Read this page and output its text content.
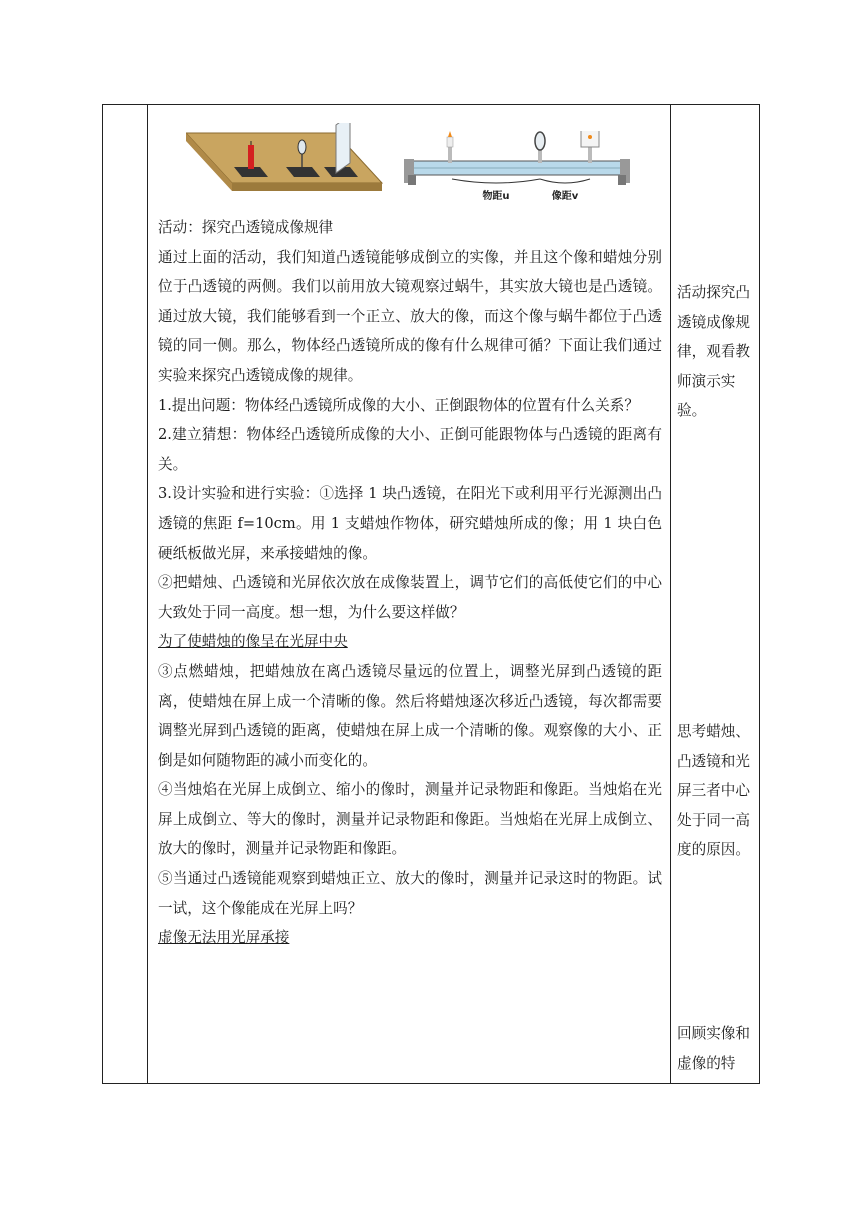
物距u	像距v

活动：探究凸透镜成像规律

通过上面的活动，我们知道凸透镜能够成倒立的实像，并且这个像和蜡烛分别位于凸透镜的两侧。我们以前用放大镜观察过蜗牛，其实放大镜也是凸透镜。通过放大镜，我们能够看到一个正立、放大的像，而这个像与蜗牛都位于凸透镜的同一侧。那么，物体经凸透镜所成的像有什么规律可循？下面让我们通过实验来探究凸透镜成像的规律。

1.提出问题：物体经凸透镜所成像的大小、正倒跟物体的位置有什么关系？

2.建立猜想：物体经凸透镜所成像的大小、正倒可能跟物体与凸透镜的距离有关。

3.设计实验和进行实验：①选择 1 块凸透镜，在阳光下或利用平行光源测出凸透镜的焦距 f=10cm。用 1 支蜡烛作物体，研究蜡烛所成的像；用 1 块白色硬纸板做光屏，来承接蜡烛的像。

②把蜡烛、凸透镜和光屏依次放在成像装置上，调节它们的高低使它们的中心大致处于同一高度。想一想，为什么要这样做？

为了使蜡烛的像呈在光屏中央

③点燃蜡烛，把蜡烛放在离凸透镜尽量远的位置上，调整光屏到凸透镜的距离，使蜡烛在屏上成一个清晰的像。然后将蜡烛逐次移近凸透镜，每次都需要调整光屏到凸透镜的距离，使蜡烛在屏上成一个清晰的像。观察像的大小、正倒是如何随物距的减小而变化的。

④当烛焰在光屏上成倒立、缩小的像时，测量并记录物距和像距。当烛焰在光屏上成倒立、等大的像时，测量并记录物距和像距。当烛焰在光屏上成倒立、放大的像时，测量并记录物距和像距。

⑤当通过凸透镜能观察到蜡烛正立、放大的像时，测量并记录这时的物距。试一试，这个像能成在光屏上吗？

虚像无法用光屏承接

活动探究凸透镜成像规律，观看教师演示实验。
思考蜡烛、凸透镜和光屏三者中心处于同一高度的原因。
回顾实像和虚像的特
